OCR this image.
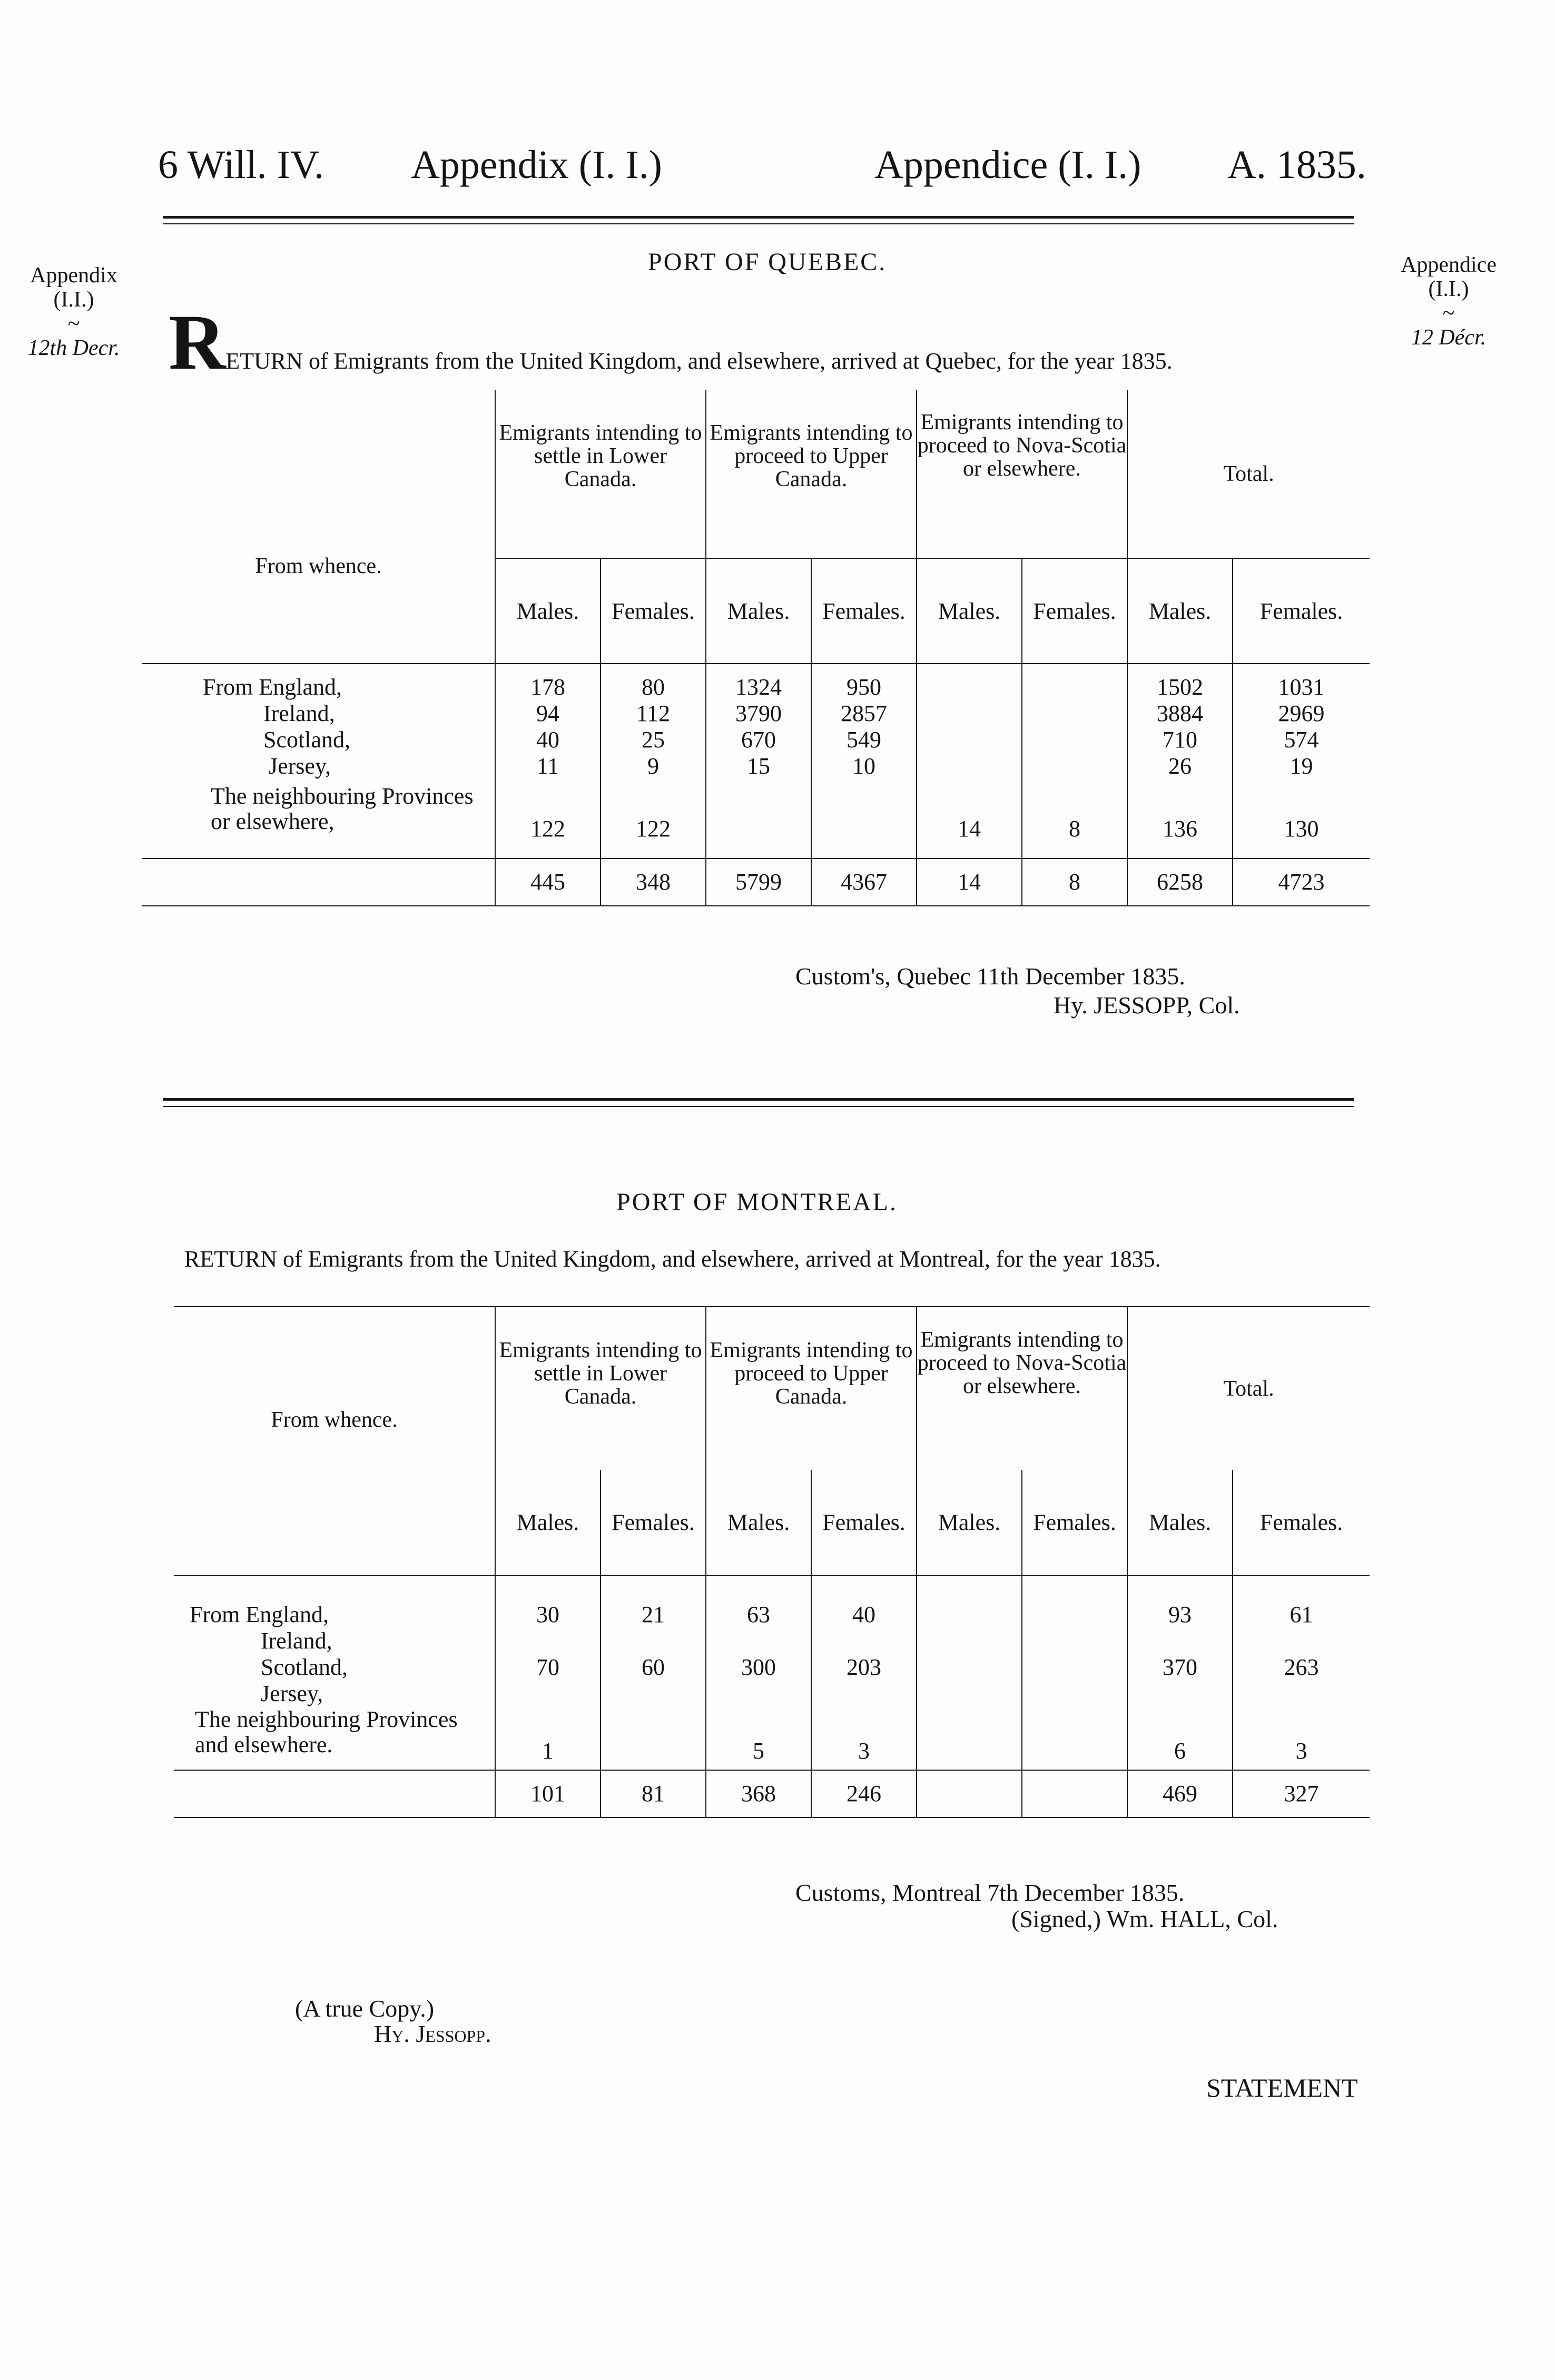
6 Will. IV. Appendix (I. I.)	Appendice (I. I.) A. 1835.
Appendix
(I.I.)
~
12th Decr.
Appendice
(I.I.)
~
12 Décr.
PORT OF QUEBEC.
RETURN of Emigrants from the United Kingdom, and elsewhere, arrived at Quebec, for the year 1835.
From whence.	Emigrants intending to settle in Lower Canada.		Emigrants intending to proceed to Upper Canada.		Emigrants intending to proceed to Nova-Scotia or elsewhere.		Total.	
	Males.	Females.	Males.	Females.	Males.	Females.	Males.	Females.
From England,	178	80	1324	950			1502	1031
Ireland,	94	112	3790	2857			3884	2969
Scotland,	40	25	670	549			710	574
Jersey,	11	9	15	10			26	19
The neighbouring Provinces or elsewhere,	122	122			14	8	136	130
	445	348	5799	4367	14	8	6258	4723
Custom's, Quebec 11th December 1835.
Hy. JESSOPP, Col.
PORT OF MONTREAL.
RETURN of Emigrants from the United Kingdom, and elsewhere, arrived at Montreal, for the year 1835.
From whence.	Emigrants intending to settle in Lower Canada.		Emigrants intending to proceed to Upper Canada.		Emigrants intending to proceed to Nova-Scotia or elsewhere.		Total.	
	Males.	Females.	Males.	Females.	Males.	Females.	Males.	Females.
From England,	30	21	63	40			93	61
Ireland,								
Scotland,	70	60	300	203			370	263
Jersey,								
The neighbouring Provinces and elsewhere.	1		5	3			6	3
	101	81	368	246			469	327
Customs, Montreal 7th December 1835.
(Signed,) Wm. HALL, Col.
(A true Copy.)
Hy. Jessopp.
STATEMENT
